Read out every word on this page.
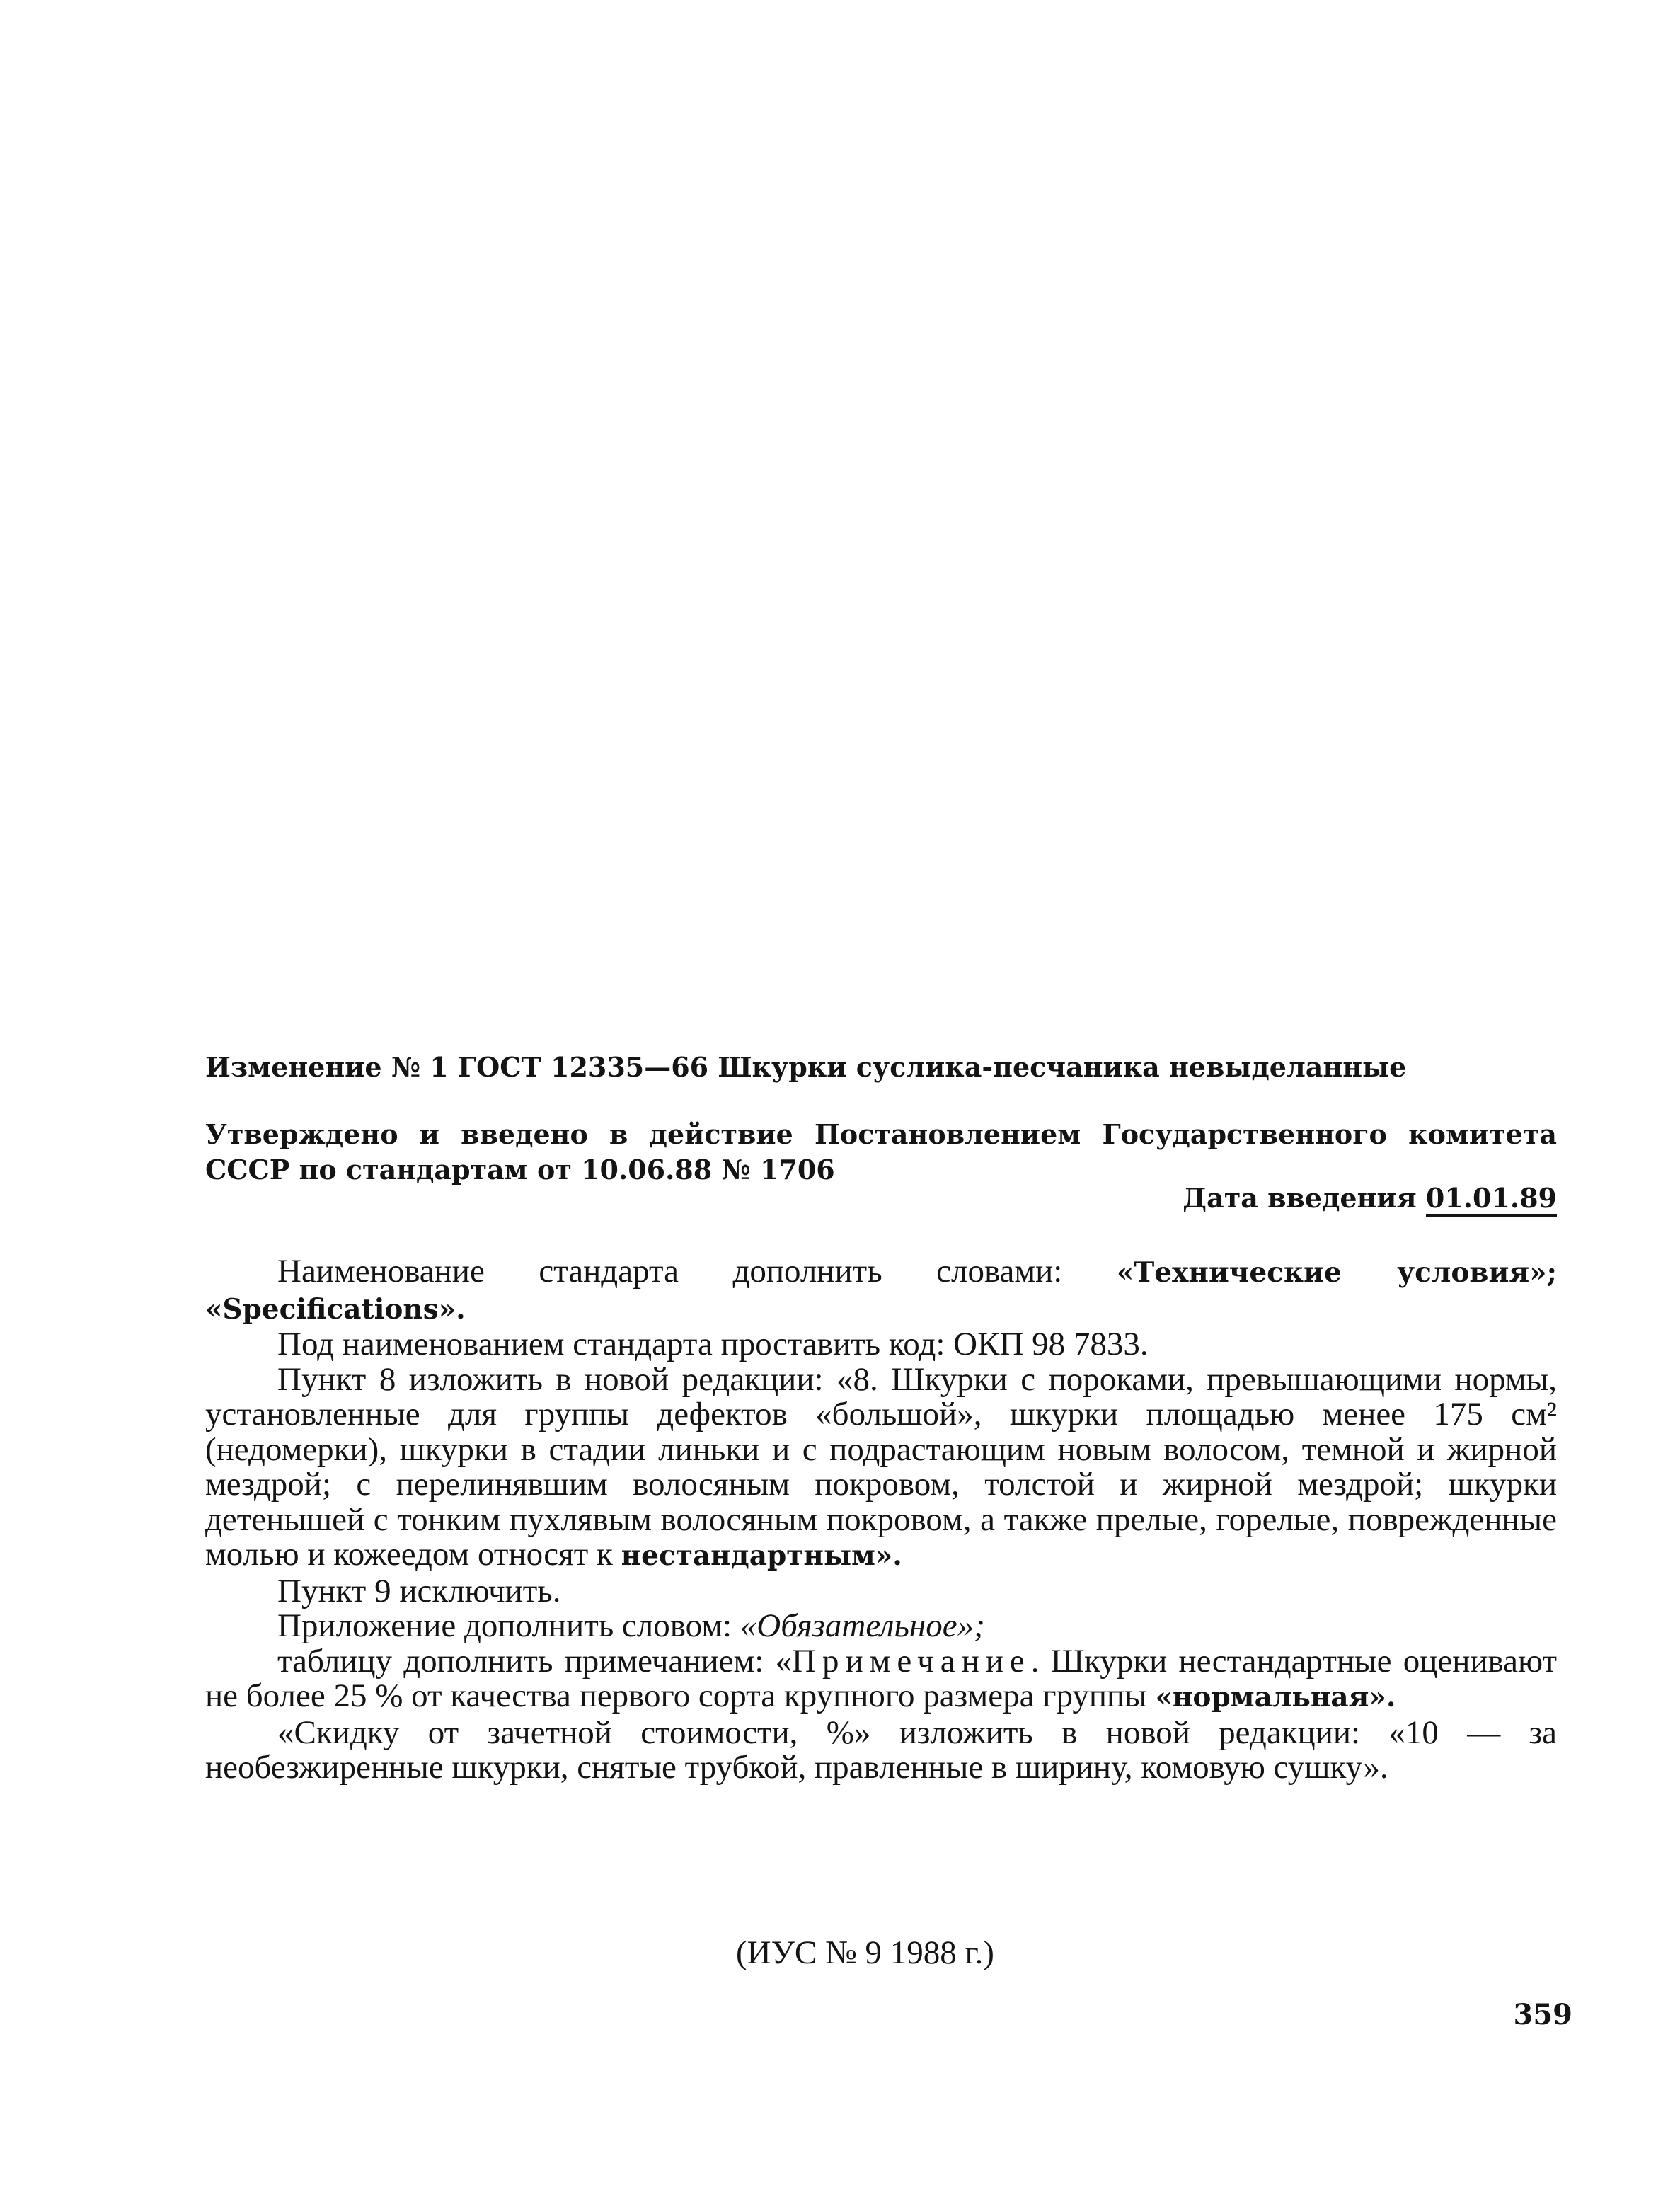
Изменение № 1 ГОСТ 12335—66 Шкурки суслика-песчаника невыделанные
Утверждено и введено в действие Постановлением Государственного комитета СССР по стандартам от 10.06.88 № 1706
Дата введения 01.01.89

Наименование стандарта дополнить словами: «Технические условия»; «Specifications».

Под наименованием стандарта проставить код: ОКП 98 7833.

Пункт 8 изложить в новой редакции: «8. Шкурки с пороками, превышающими нормы, установленные для группы дефектов «большой», шкурки площадью менее 175 см² (недомерки), шкурки в стадии линьки и с подрастающим новым волосом, темной и жирной мездрой; с перелинявшим волосяным покровом, толстой и жирной мездрой; шкурки детенышей с тонким пухлявым волосяным покровом, а также прелые, горелые, поврежденные молью и кожеедом относят к нестандартным».

Пункт 9 исключить.

Приложение дополнить словом: «Обязательное»;

таблицу дополнить примечанием: «Примечание. Шкурки нестандартные оценивают не более 25 % от качества первого сорта крупного размера группы «нормальная».

«Скидку от зачетной стоимости, %» изложить в новой редакции: «10 — за необезжиренные шкурки, снятые трубкой, правленные в ширину, комовую сушку».

(ИУС № 9 1988 г.)
359
